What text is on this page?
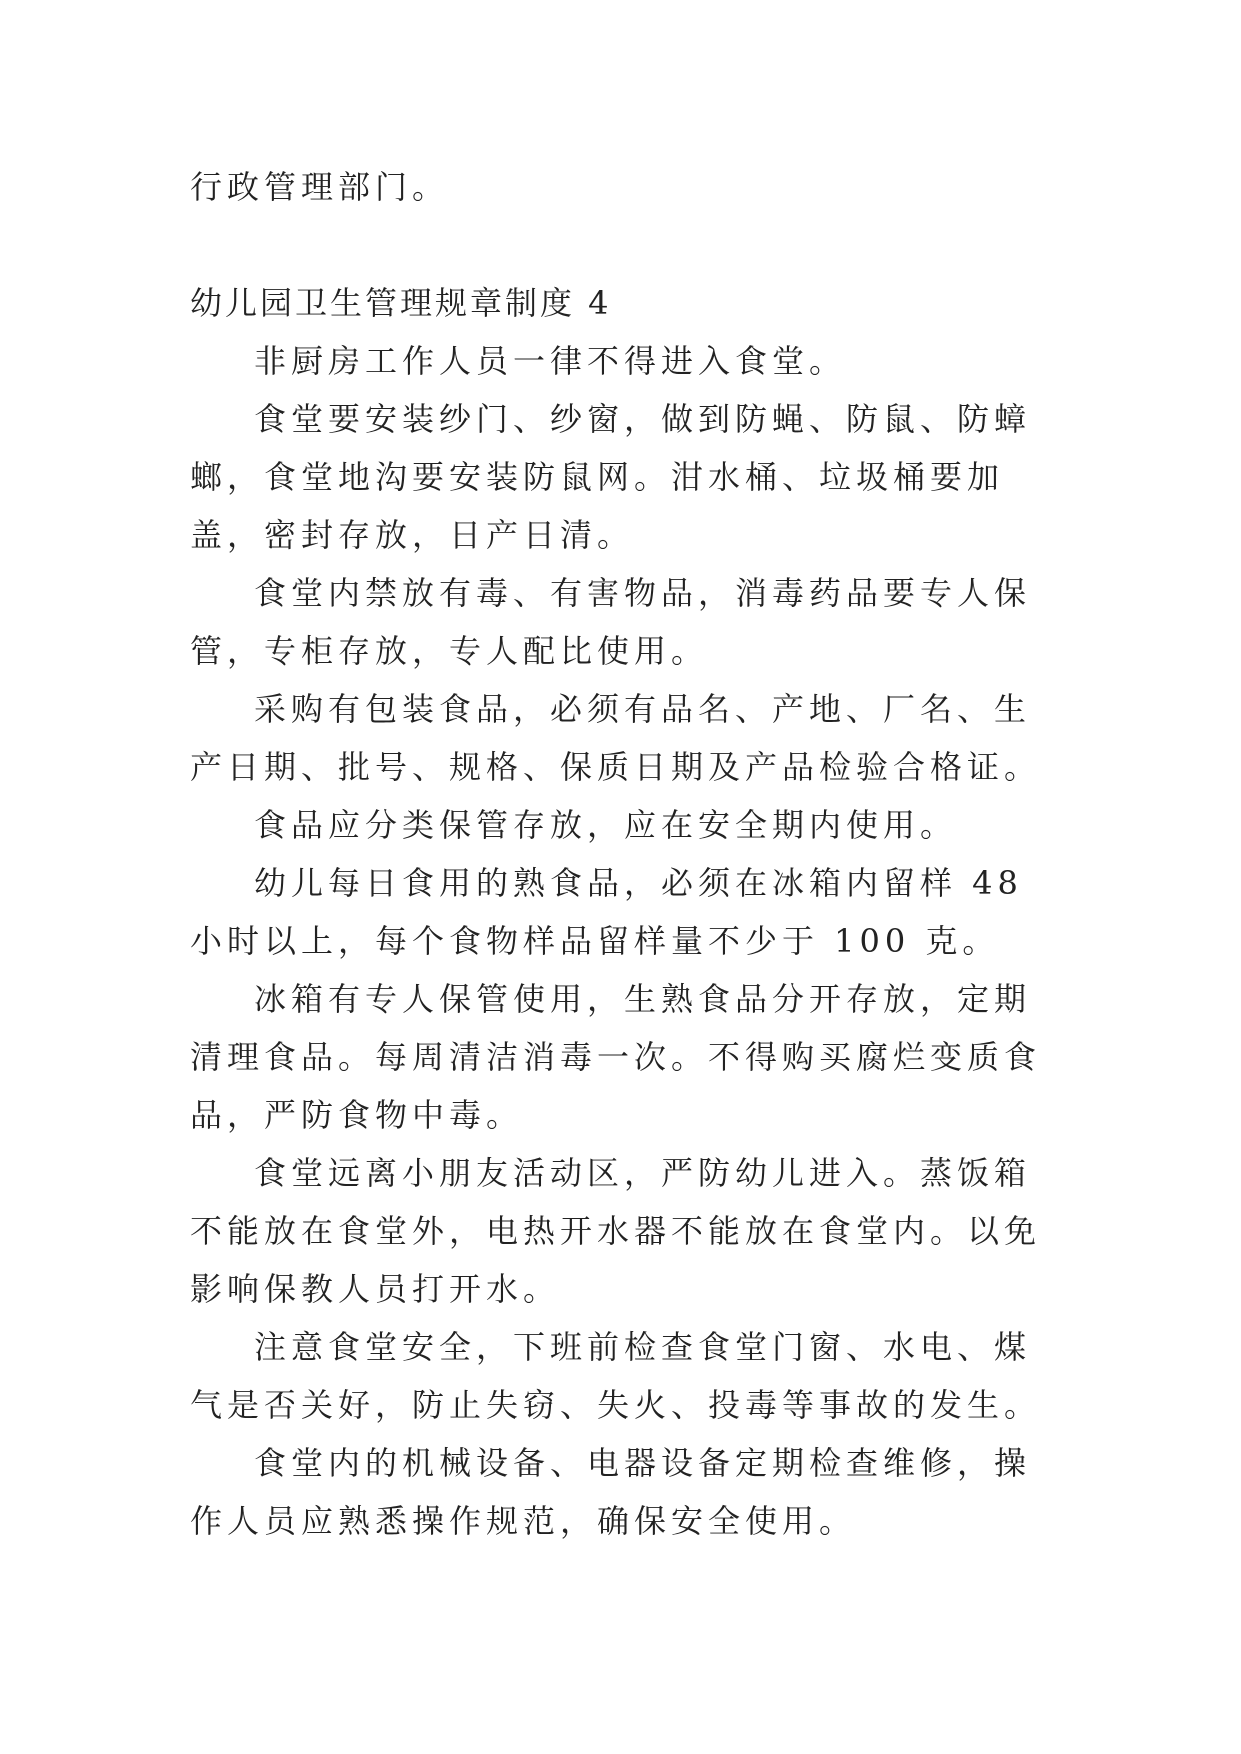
行政管理部门。

幼儿园卫生管理规章制度 4

非厨房工作人员一律不得进入食堂。

食堂要安装纱门、纱窗，做到防蝇、防鼠、防蟑螂，食堂地沟要安装防鼠网。泔水桶、垃圾桶要加盖，密封存放，日产日清。

食堂内禁放有毒、有害物品，消毒药品要专人保管，专柜存放，专人配比使用。

采购有包装食品，必须有品名、产地、厂名、生产日期、批号、规格、保质日期及产品检验合格证。

食品应分类保管存放，应在安全期内使用。

幼儿每日食用的熟食品，必须在冰箱内留样 48 小时以上，每个食物样品留样量不少于 100 克。

冰箱有专人保管使用，生熟食品分开存放，定期清理食品。每周清洁消毒一次。不得购买腐烂变质食品，严防食物中毒。

食堂远离小朋友活动区，严防幼儿进入。蒸饭箱不能放在食堂外，电热开水器不能放在食堂内。以免影响保教人员打开水。

注意食堂安全，下班前检查食堂门窗、水电、煤气是否关好，防止失窃、失火、投毒等事故的发生。

食堂内的机械设备、电器设备定期检查维修，操作人员应熟悉操作规范，确保安全使用。
